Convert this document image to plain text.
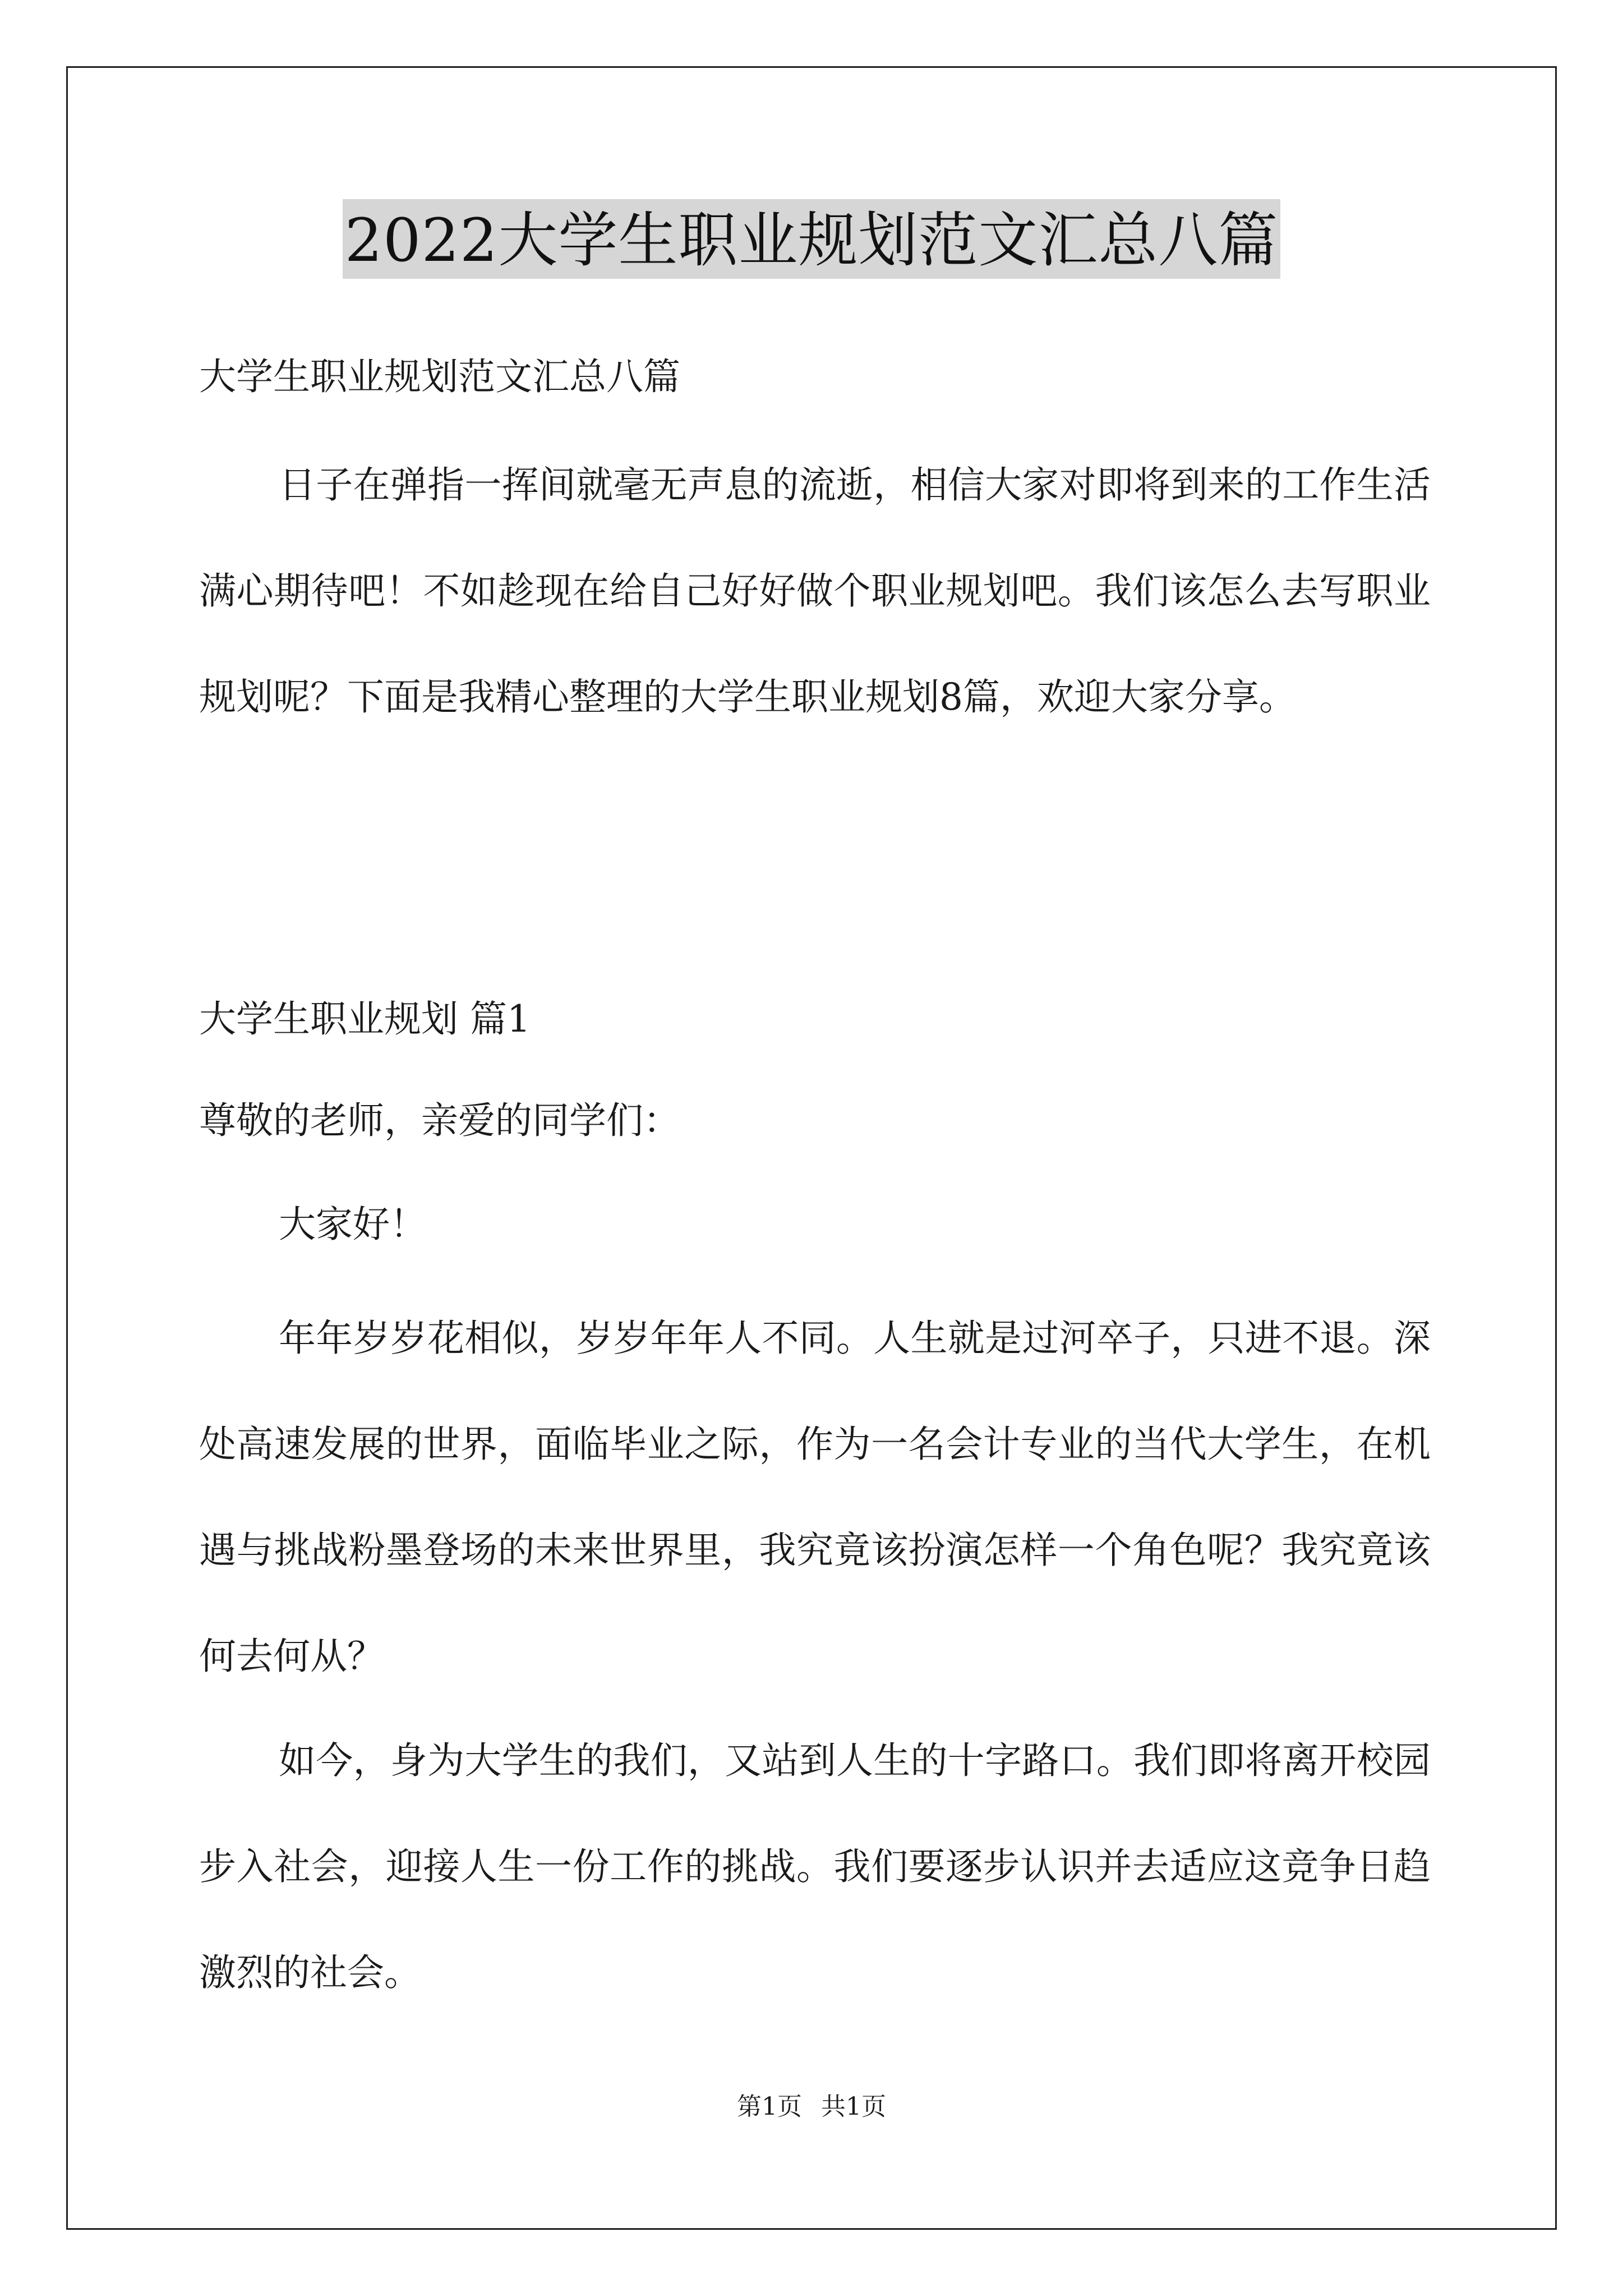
2022大学生职业规划范文汇总八篇
大学生职业规划范文汇总八篇
日子在弹指一挥间就毫无声息的流逝，相信大家对即将到来的工作生活满心期待吧！不如趁现在给自己好好做个职业规划吧。我们该怎么去写职业规划呢？下面是我精心整理的大学生职业规划8篇，欢迎大家分享。
大学生职业规划 篇1
尊敬的老师，亲爱的同学们：
大家好！
年年岁岁花相似，岁岁年年人不同。人生就是过河卒子，只进不退。深处高速发展的世界，面临毕业之际，作为一名会计专业的当代大学生，在机遇与挑战粉墨登场的未来世界里，我究竟该扮演怎样一个角色呢？我究竟该何去何从？
如今，身为大学生的我们，又站到人生的十字路口。我们即将离开校园步入社会，迎接人生一份工作的挑战。我们要逐步认识并去适应这竞争日趋激烈的社会。
第1页 共1页
